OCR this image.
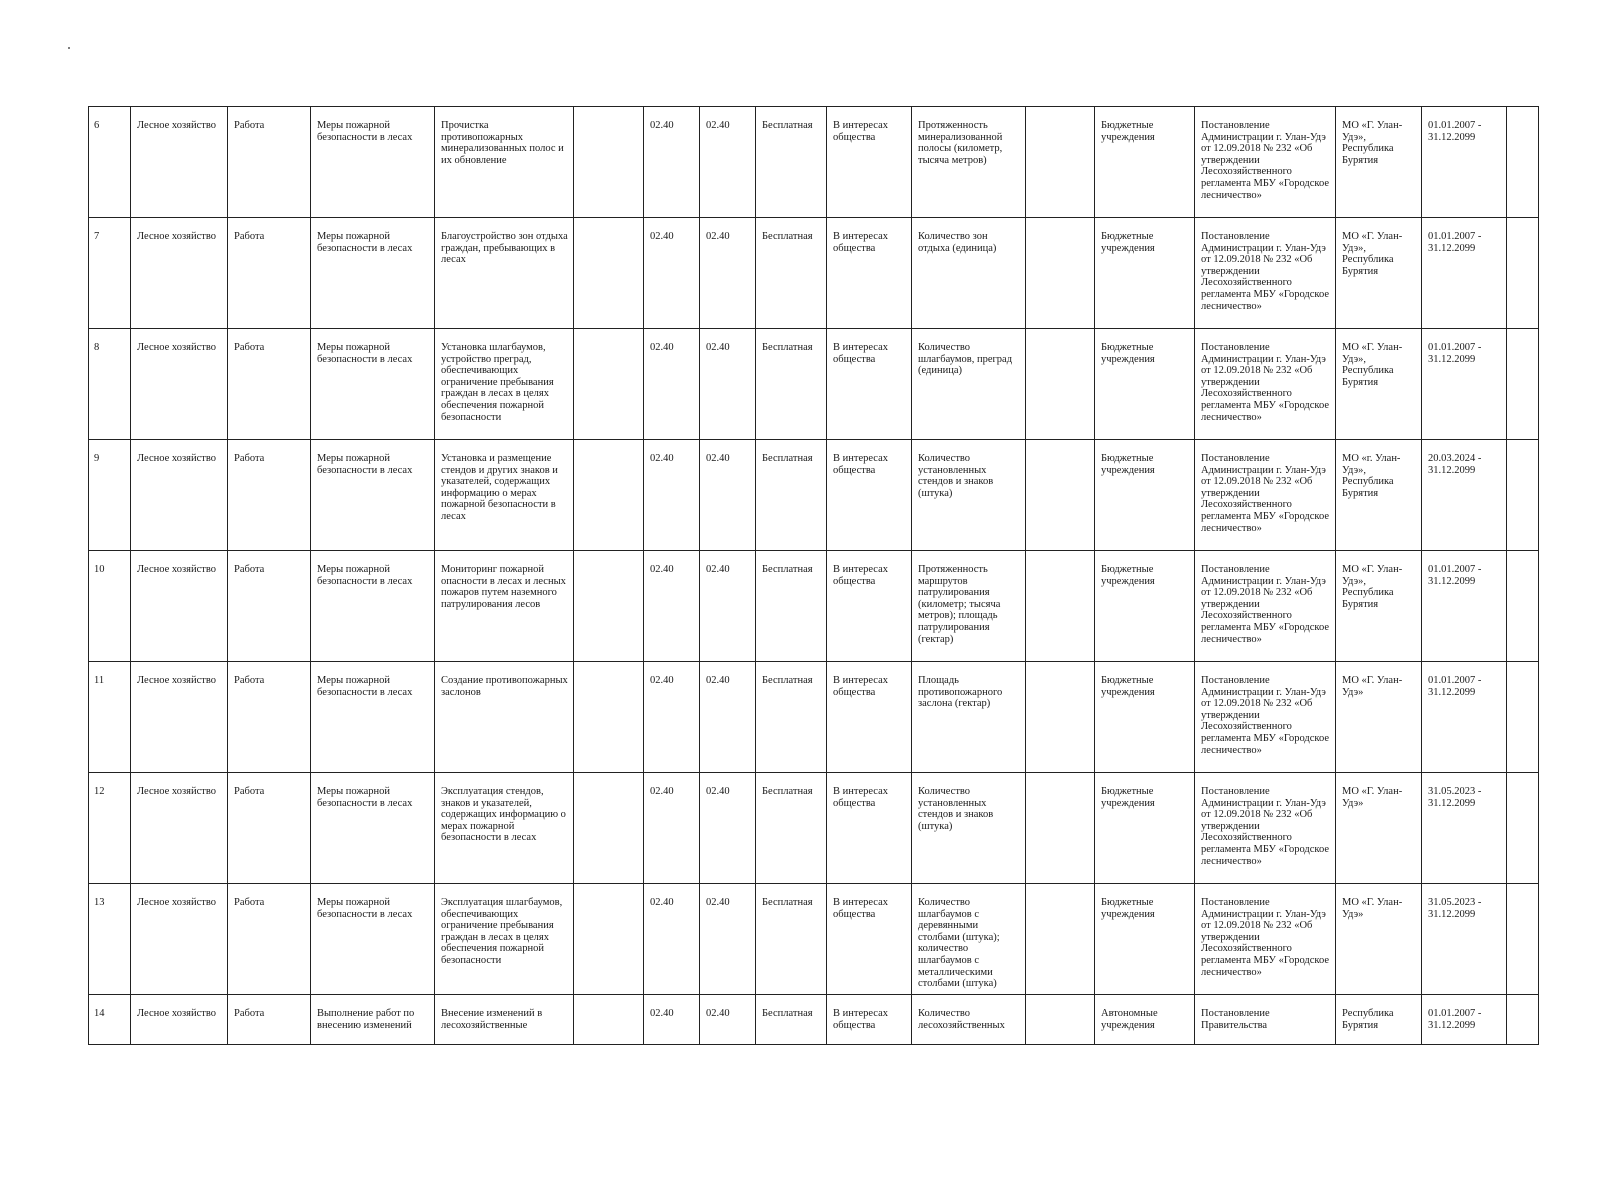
6	Лесное хозяйство	Работа	Меры пожарной безопасности в лесах	Прочистка противопожарных минерализованных полос и их обновление		02.40	02.40	Бесплатная	В интересах общества	Протяженность минерализованной полосы (километр, тысяча метров)		Бюджетные учреждения	Постановление Администрации г. Улан-Удэ от 12.09.2018 № 232 «Об утверждении Лесохозяйственного регламента МБУ «Городское лесничество»	МО «Г. Улан-Удэ», Республика Бурятия	01.01.2007 - 31.12.2099	
7	Лесное хозяйство	Работа	Меры пожарной безопасности в лесах	Благоустройство зон отдыха граждан, пребывающих в лесах		02.40	02.40	Бесплатная	В интересах общества	Количество зон отдыха (единица)		Бюджетные учреждения	Постановление Администрации г. Улан-Удэ от 12.09.2018 № 232 «Об утверждении Лесохозяйственного регламента МБУ «Городское лесничество»	МО «Г. Улан-Удэ», Республика Бурятия	01.01.2007 - 31.12.2099	
8	Лесное хозяйство	Работа	Меры пожарной безопасности в лесах	Установка шлагбаумов, устройство преград, обеспечивающих ограничение пребывания граждан в лесах в целях обеспечения пожарной безопасности		02.40	02.40	Бесплатная	В интересах общества	Количество шлагбаумов, преград (единица)		Бюджетные учреждения	Постановление Администрации г. Улан-Удэ от 12.09.2018 № 232 «Об утверждении Лесохозяйственного регламента МБУ «Городское лесничество»	МО «Г. Улан-Удэ», Республика Бурятия	01.01.2007 - 31.12.2099	
9	Лесное хозяйство	Работа	Меры пожарной безопасности в лесах	Установка и размещение стендов и других знаков и указателей, содержащих информацию о мерах пожарной безопасности в лесах		02.40	02.40	Бесплатная	В интересах общества	Количество установленных стендов и знаков (штука)		Бюджетные учреждения	Постановление Администрации г. Улан-Удэ от 12.09.2018 № 232 «Об утверждении Лесохозяйственного регламента МБУ «Городское лесничество»	МО «г. Улан-Удэ», Республика Бурятия	20.03.2024 - 31.12.2099	
10	Лесное хозяйство	Работа	Меры пожарной безопасности в лесах	Мониторинг пожарной опасности в лесах и лесных пожаров путем наземного патрулирования лесов		02.40	02.40	Бесплатная	В интересах общества	Протяженность маршрутов патрулирования (километр; тысяча метров); площадь патрулирования (гектар)		Бюджетные учреждения	Постановление Администрации г. Улан-Удэ от 12.09.2018 № 232 «Об утверждении Лесохозяйственного регламента МБУ «Городское лесничество»	МО «Г. Улан-Удэ», Республика Бурятия	01.01.2007 - 31.12.2099	
11	Лесное хозяйство	Работа	Меры пожарной безопасности в лесах	Создание противопожарных заслонов		02.40	02.40	Бесплатная	В интересах общества	Площадь противопожарного заслона (гектар)		Бюджетные учреждения	Постановление Администрации г. Улан-Удэ от 12.09.2018 № 232 «Об утверждении Лесохозяйственного регламента МБУ «Городское лесничество»	МО «Г. Улан-Удэ»	01.01.2007 - 31.12.2099	
12	Лесное хозяйство	Работа	Меры пожарной безопасности в лесах	Эксплуатация стендов, знаков и указателей, содержащих информацию о мерах пожарной безопасности в лесах		02.40	02.40	Бесплатная	В интересах общества	Количество установленных стендов и знаков (штука)		Бюджетные учреждения	Постановление Администрации г. Улан-Удэ от 12.09.2018 № 232 «Об утверждении Лесохозяйственного регламента МБУ «Городское лесничество»	МО «Г. Улан-Удэ»	31.05.2023 - 31.12.2099	
13	Лесное хозяйство	Работа	Меры пожарной безопасности в лесах	Эксплуатация шлагбаумов, обеспечивающих ограничение пребывания граждан в лесах в целях обеспечения пожарной безопасности		02.40	02.40	Бесплатная	В интересах общества	Количество шлагбаумов с деревянными столбами (штука); количество шлагбаумов с металлическими столбами (штука)		Бюджетные учреждения	Постановление Администрации г. Улан-Удэ от 12.09.2018 № 232 «Об утверждении Лесохозяйственного регламента МБУ «Городское лесничество»	МО «Г. Улан-Удэ»	31.05.2023 - 31.12.2099	
14	Лесное хозяйство	Работа	Выполнение работ по внесению изменений	Внесение изменений в лесохозяйственные		02.40	02.40	Бесплатная	В интересах общества	Количество лесохозяйственных		Автономные учреждения	Постановление Правительства	Республика Бурятия	01.01.2007 - 31.12.2099	
